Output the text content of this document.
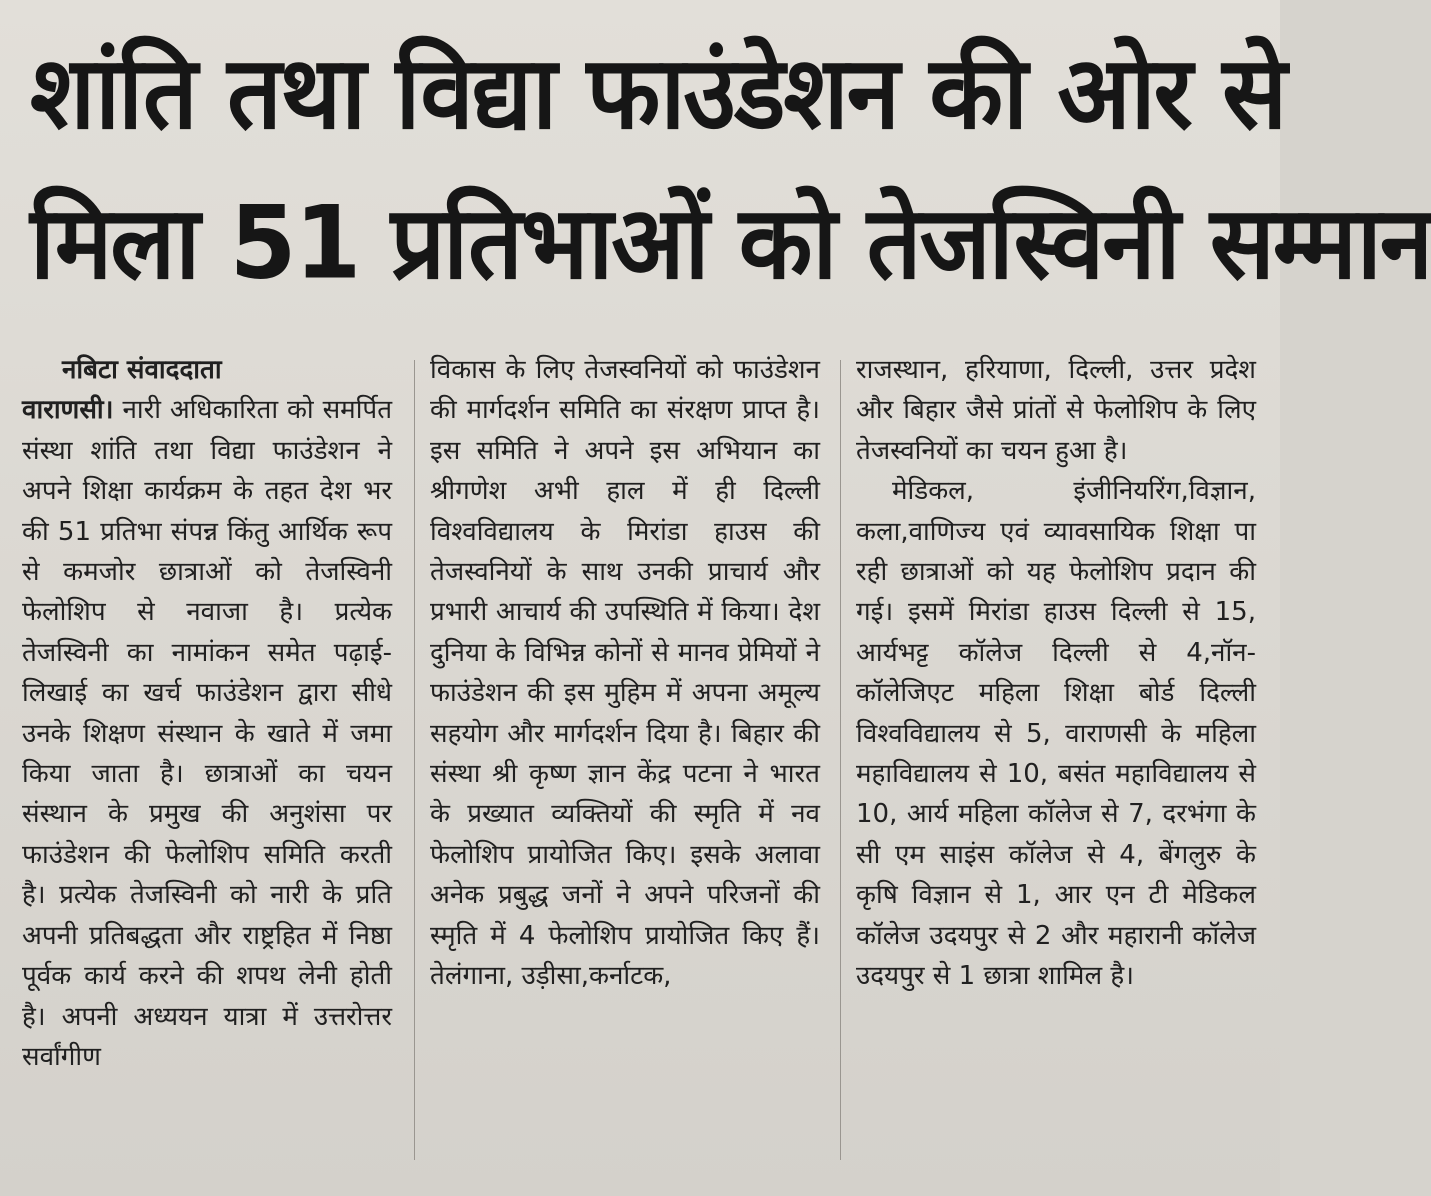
शांति तथा विद्या फाउंडेशन की ओर से
मिला 51 प्रतिभाओं को तेजस्विनी सम्मान
नबिटा संवाददाता

वाराणसी। नारी अधिकारिता को समर्पित संस्था शांति तथा विद्या फाउंडेशन ने अपने शिक्षा कार्यक्रम के तहत देश भर की 51 प्रतिभा संपन्न किंतु आर्थिक रूप से कमजोर छात्राओं को तेजस्विनी फेलोशिप से नवाजा है। प्रत्येक तेजस्विनी का नामांकन समेत पढ़ाई-लिखाई का खर्च फाउंडेशन द्वारा सीधे उनके शिक्षण संस्थान के खाते में जमा किया जाता है। छात्राओं का चयन संस्थान के प्रमुख की अनुशंसा पर फाउंडेशन की फेलोशिप समिति करती है। प्रत्येक तेजस्विनी को नारी के प्रति अपनी प्रतिबद्धता और राष्ट्रहित में निष्ठा पूर्वक कार्य करने की शपथ लेनी होती है। अपनी अध्ययन यात्रा में उत्तरोत्तर सर्वांगीण

विकास के लिए तेजस्वनियों को फाउंडेशन की मार्गदर्शन समिति का संरक्षण प्राप्त है। इस समिति ने अपने इस अभियान का श्रीगणेश अभी हाल में ही दिल्ली विश्वविद्यालय के मिरांडा हाउस की तेजस्वनियों के साथ उनकी प्राचार्य और प्रभारी आचार्य की उपस्थिति में किया। देश दुनिया के विभिन्न कोनों से मानव प्रेमियों ने फाउंडेशन की इस मुहिम में अपना अमूल्य सहयोग और मार्गदर्शन दिया है। बिहार की संस्था श्री कृष्ण ज्ञान केंद्र पटना ने भारत के प्रख्यात व्यक्तियों की स्मृति में नव फेलोशिप प्रायोजित किए। इसके अलावा अनेक प्रबुद्ध जनों ने अपने परिजनों की स्मृति में 4 फेलोशिप प्रायोजित किए हैं। तेलंगाना, उड़ीसा,कर्नाटक,

राजस्थान, हरियाणा, दिल्ली, उत्तर प्रदेश और बिहार जैसे प्रांतों से फेलोशिप के लिए तेजस्वनियों का चयन हुआ है।

मेडिकल, इंजीनियरिंग,विज्ञान, कला,वाणिज्य एवं व्यावसायिक शिक्षा पा रही छात्राओं को यह फेलोशिप प्रदान की गई। इसमें मिरांडा हाउस दिल्ली से 15, आर्यभट्ट कॉलेज दिल्ली से 4,नॉन-कॉलेजिएट महिला शिक्षा बोर्ड दिल्ली विश्वविद्यालय से 5, वाराणसी के महिला महाविद्यालय से 10, बसंत महाविद्यालय से 10, आर्य महिला कॉलेज से 7, दरभंगा के सी एम साइंस कॉलेज से 4, बेंगलुरु के कृषि विज्ञान से 1, आर एन टी मेडिकल कॉलेज उदयपुर से 2 और महारानी कॉलेज उदयपुर से 1 छात्रा शामिल है।
